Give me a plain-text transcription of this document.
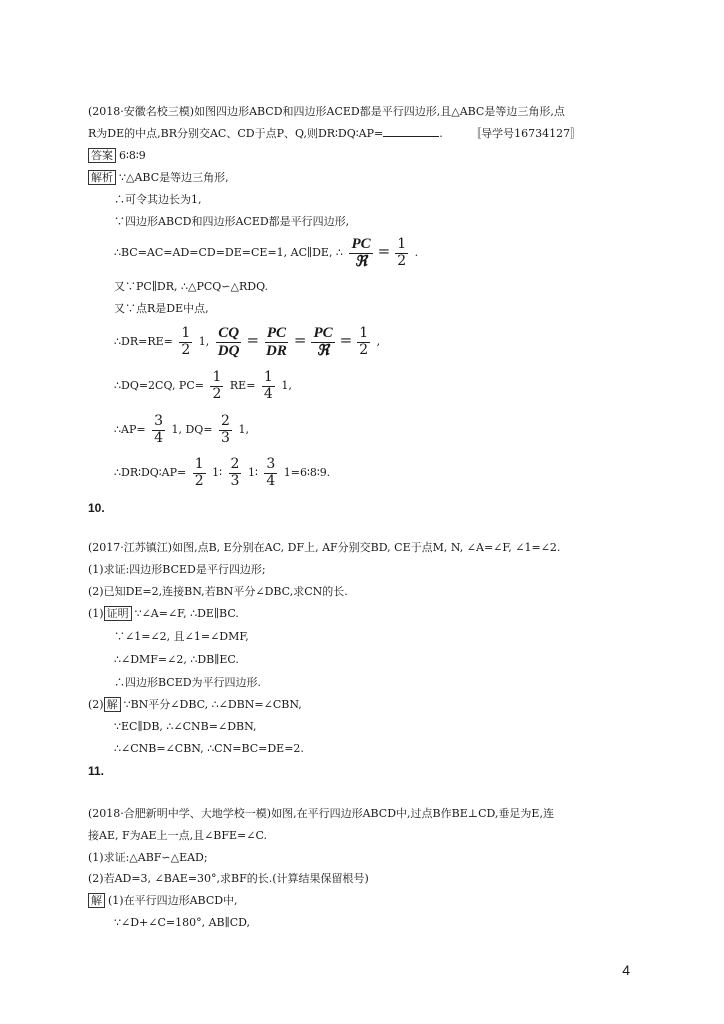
(2018·安徽名校三模)如图四边形ABCD和四边形ACED都是平行四边形,且△ABC是等边三角形,点
R为DE的中点,BR分别交AC、CD于点P、Q,则DR∶DQ∶AP=	.	〚导学号16734127〛
答案 6∶8∶9
解析 ∵△ABC是等边三角形,
∴可令其边长为1,
∵四边形ABCD和四边形ACED都是平行四边形,
∴BC=AC=AD=CD=DE=CE=1, AC∥DE, ∴ $\frac{PC}{\text{ℜ}} = \frac{1}{2}$ .
又∵PC∥DR, ∴△PCQ∽△RDQ.
又∵点R是DE中点,
∴DR=RE= $\frac{1}{2} 1$, $\frac{CQ}{DQ} = \frac{PC}{DR} = \frac{PC}{\text{ℜ}} = \frac{1}{2}$ ,
∴DQ=2CQ, $PC= \frac{1}{2} RE= \frac{1}{4} 1$,
∴AP= $\frac{3}{4} 1$, $DQ= \frac{2}{3} 1$,
∴DR∶DQ∶AP= $\frac{1}{2}$ 1∶ $\frac{2}{3}$ 1∶ $\frac{3}{4}$ 1=6∶8∶9.
10.
(2017·江苏镇江)如图,点B, E分别在AC, DF上, AF分别交BD, CE于点M, N, ∠A=∠F, ∠1=∠2.
(1)求证:四边形BCED是平行四边形;
(2)已知DE=2,连接BN,若BN平分∠DBC,求CN的长.
(1) 证明 ∵∠A=∠F, ∴DE∥BC.
∵∠1=∠2, 且∠1=∠DMF,
∴∠DMF=∠2, ∴DB∥EC.
∴四边形BCED为平行四边形.
(2) 解 ∵BN平分∠DBC, ∴∠DBN=∠CBN,
∵EC∥DB, ∴∠CNB=∠DBN,
∴∠CNB=∠CBN, ∴CN=BC=DE=2.
11.
(2018·合肥新明中学、大地学校一模)如图,在平行四边形ABCD中,过点B作BE⊥CD,垂足为E,连
接AE, F为AE上一点,且∠BFE=∠C.
(1)求证:△ABF∽△EAD;
(2)若AD=3, ∠BAE=30°,求BF的长.(计算结果保留根号)
解 (1)在平行四边形ABCD中,
∵∠D+∠C=180°, AB∥CD,
4
